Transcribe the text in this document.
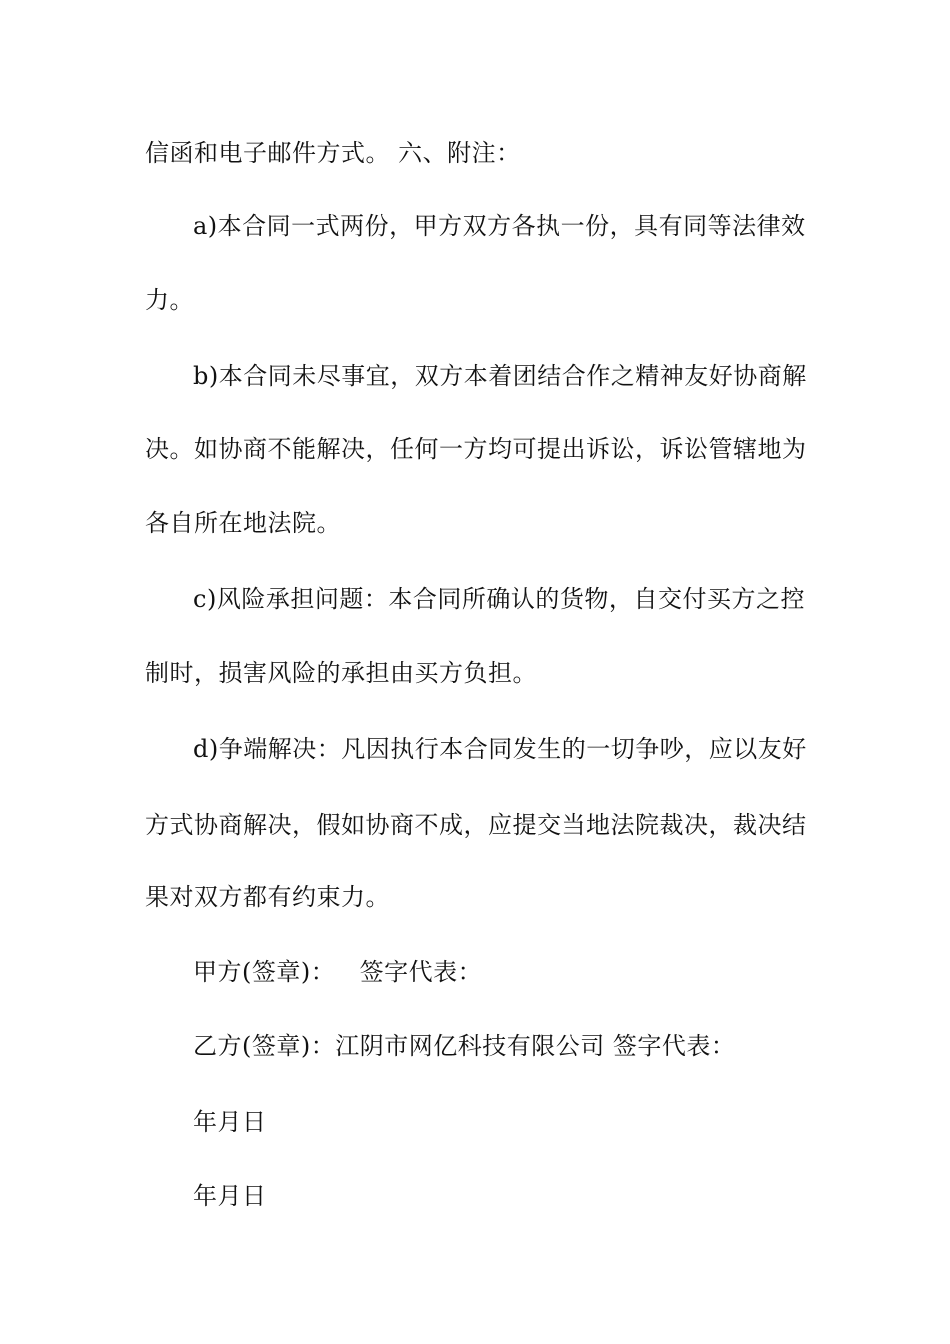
信函和电子邮件方式。 六、附注：
a)本合同一式两份，甲方双方各执一份，具有同等法律效
力。
b)本合同未尽事宜，双方本着团结合作之精神友好协商解
决。如协商不能解决，任何一方均可提出诉讼，诉讼管辖地为
各自所在地法院。
c)风险承担问题：本合同所确认的货物，自交付买方之控
制时，损害风险的承担由买方负担。
d)争端解决：凡因执行本合同发生的一切争吵，应以友好
方式协商解决，假如协商不成，应提交当地法院裁决，裁决结
果对双方都有约束力。
甲方(签章)：   签字代表：
乙方(签章)：江阴市网亿科技有限公司 签字代表：
年月日
年月日
